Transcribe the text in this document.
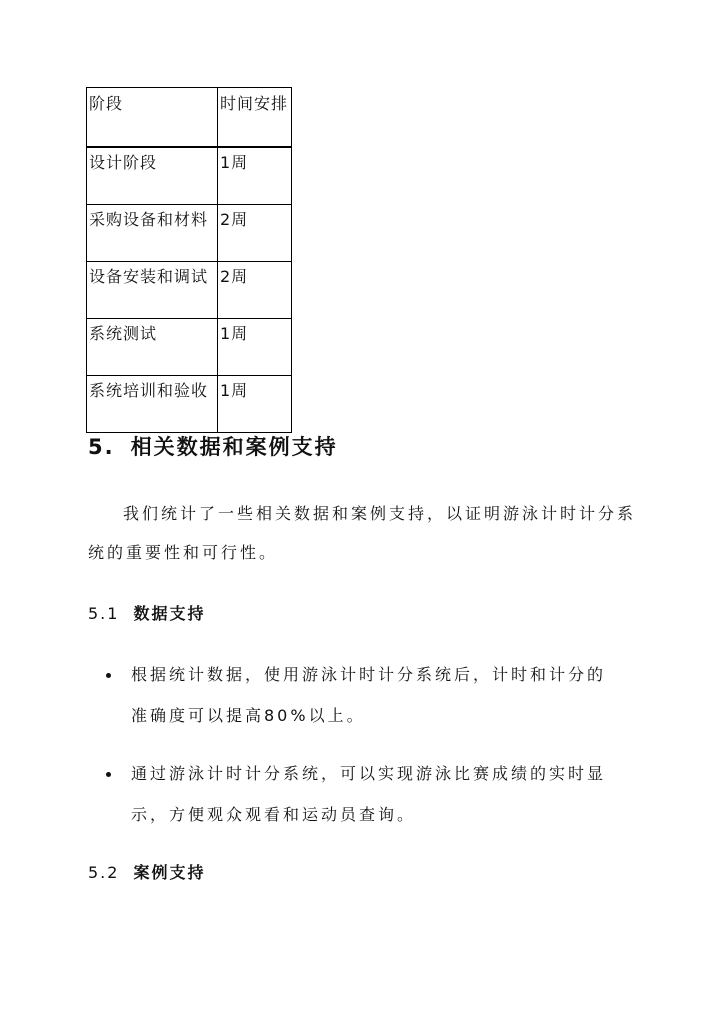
阶段	时间安排
设计阶段	1周
采购设备和材料	2周
设备安装和调试	2周
系统测试	1周
系统培训和验收	1周
5. 相关数据和案例支持

我们统计了一些相关数据和案例支持，以证明游泳计时计分系统的重要性和可行性。

5.1 数据支持
根据统计数据，使用游泳计时计分系统后，计时和计分的准确度可以提高80%以上。
通过游泳计时计分系统，可以实现游泳比赛成绩的实时显示，方便观众观看和运动员查询。
5.2 案例支持
